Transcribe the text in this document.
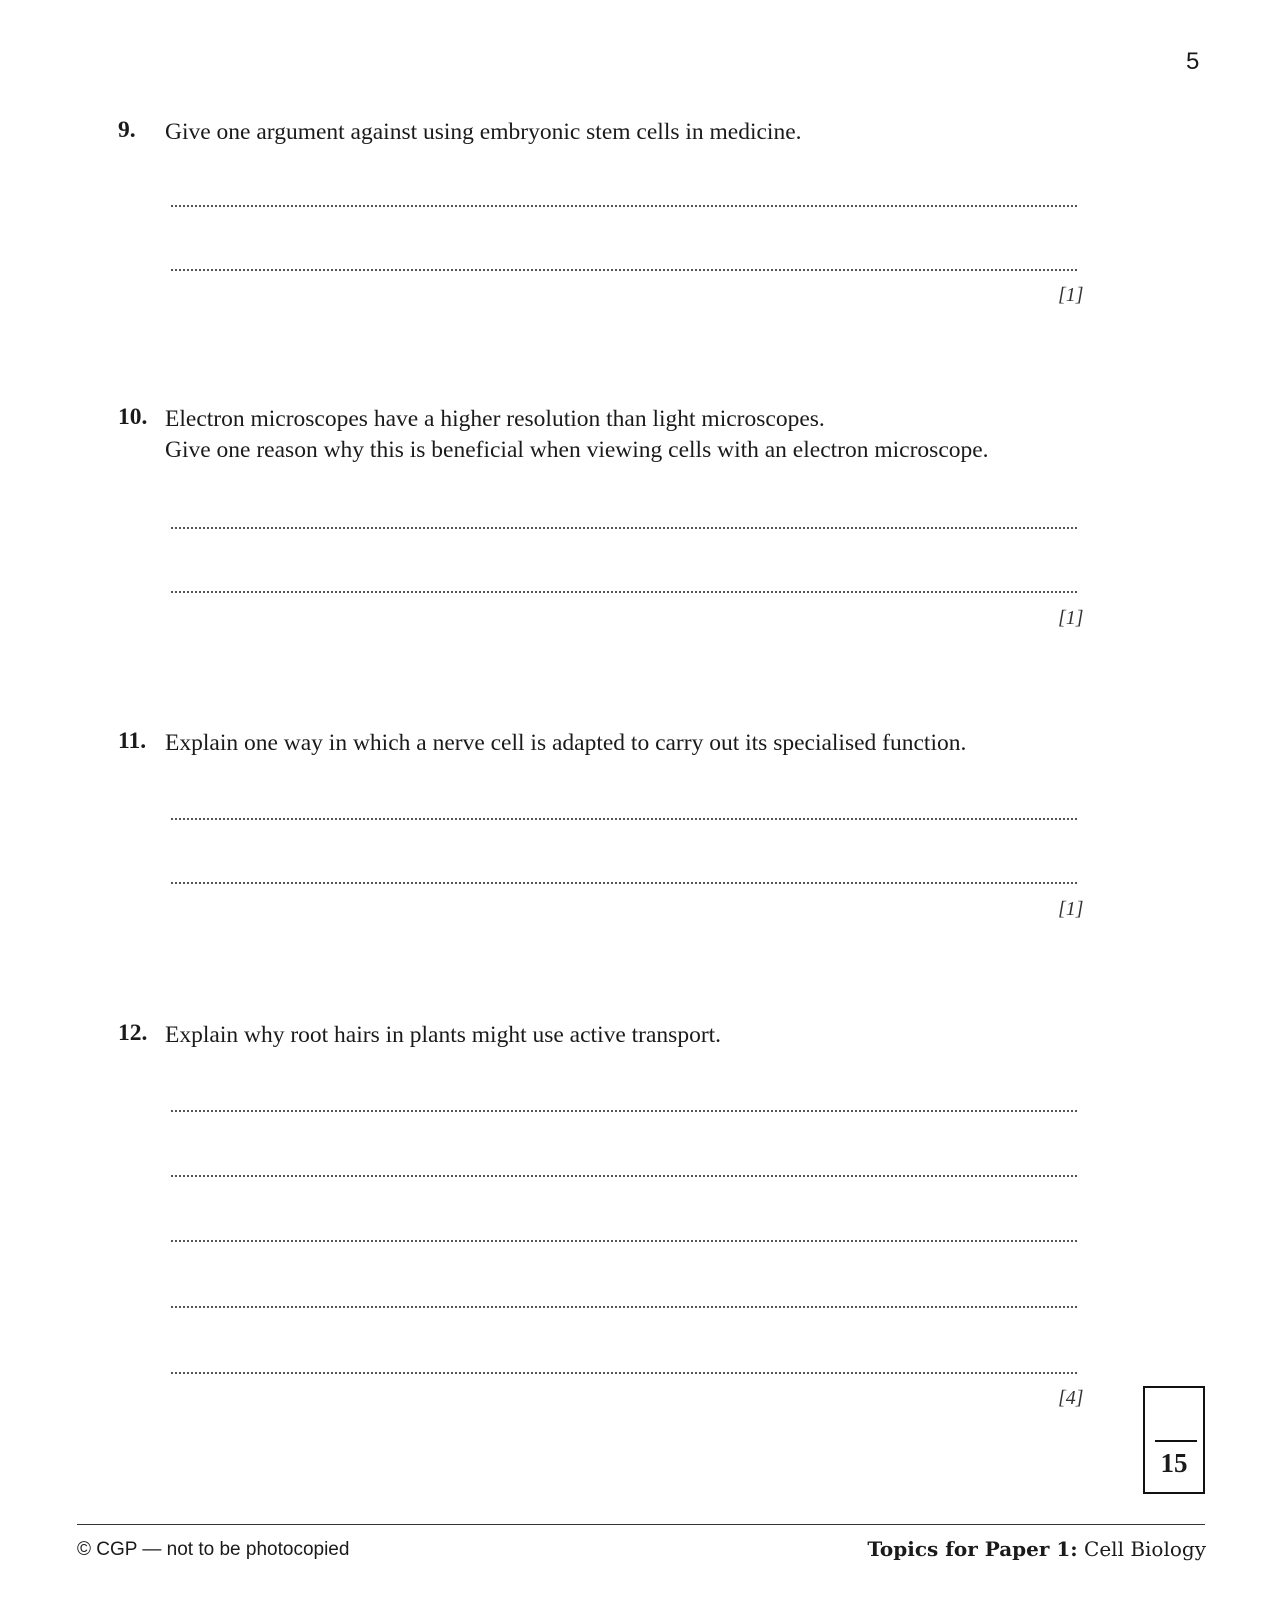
5
9. Give one argument against using embryonic stem cells in medicine.
[1]
10. Electron microscopes have a higher resolution than light microscopes.
Give one reason why this is beneficial when viewing cells with an electron microscope.
[1]
11. Explain one way in which a nerve cell is adapted to carry out its specialised function.
[1]
12. Explain why root hairs in plants might use active transport.
[4]
15
© CGP — not to be photocopied	Topics for Paper 1: Cell Biology
